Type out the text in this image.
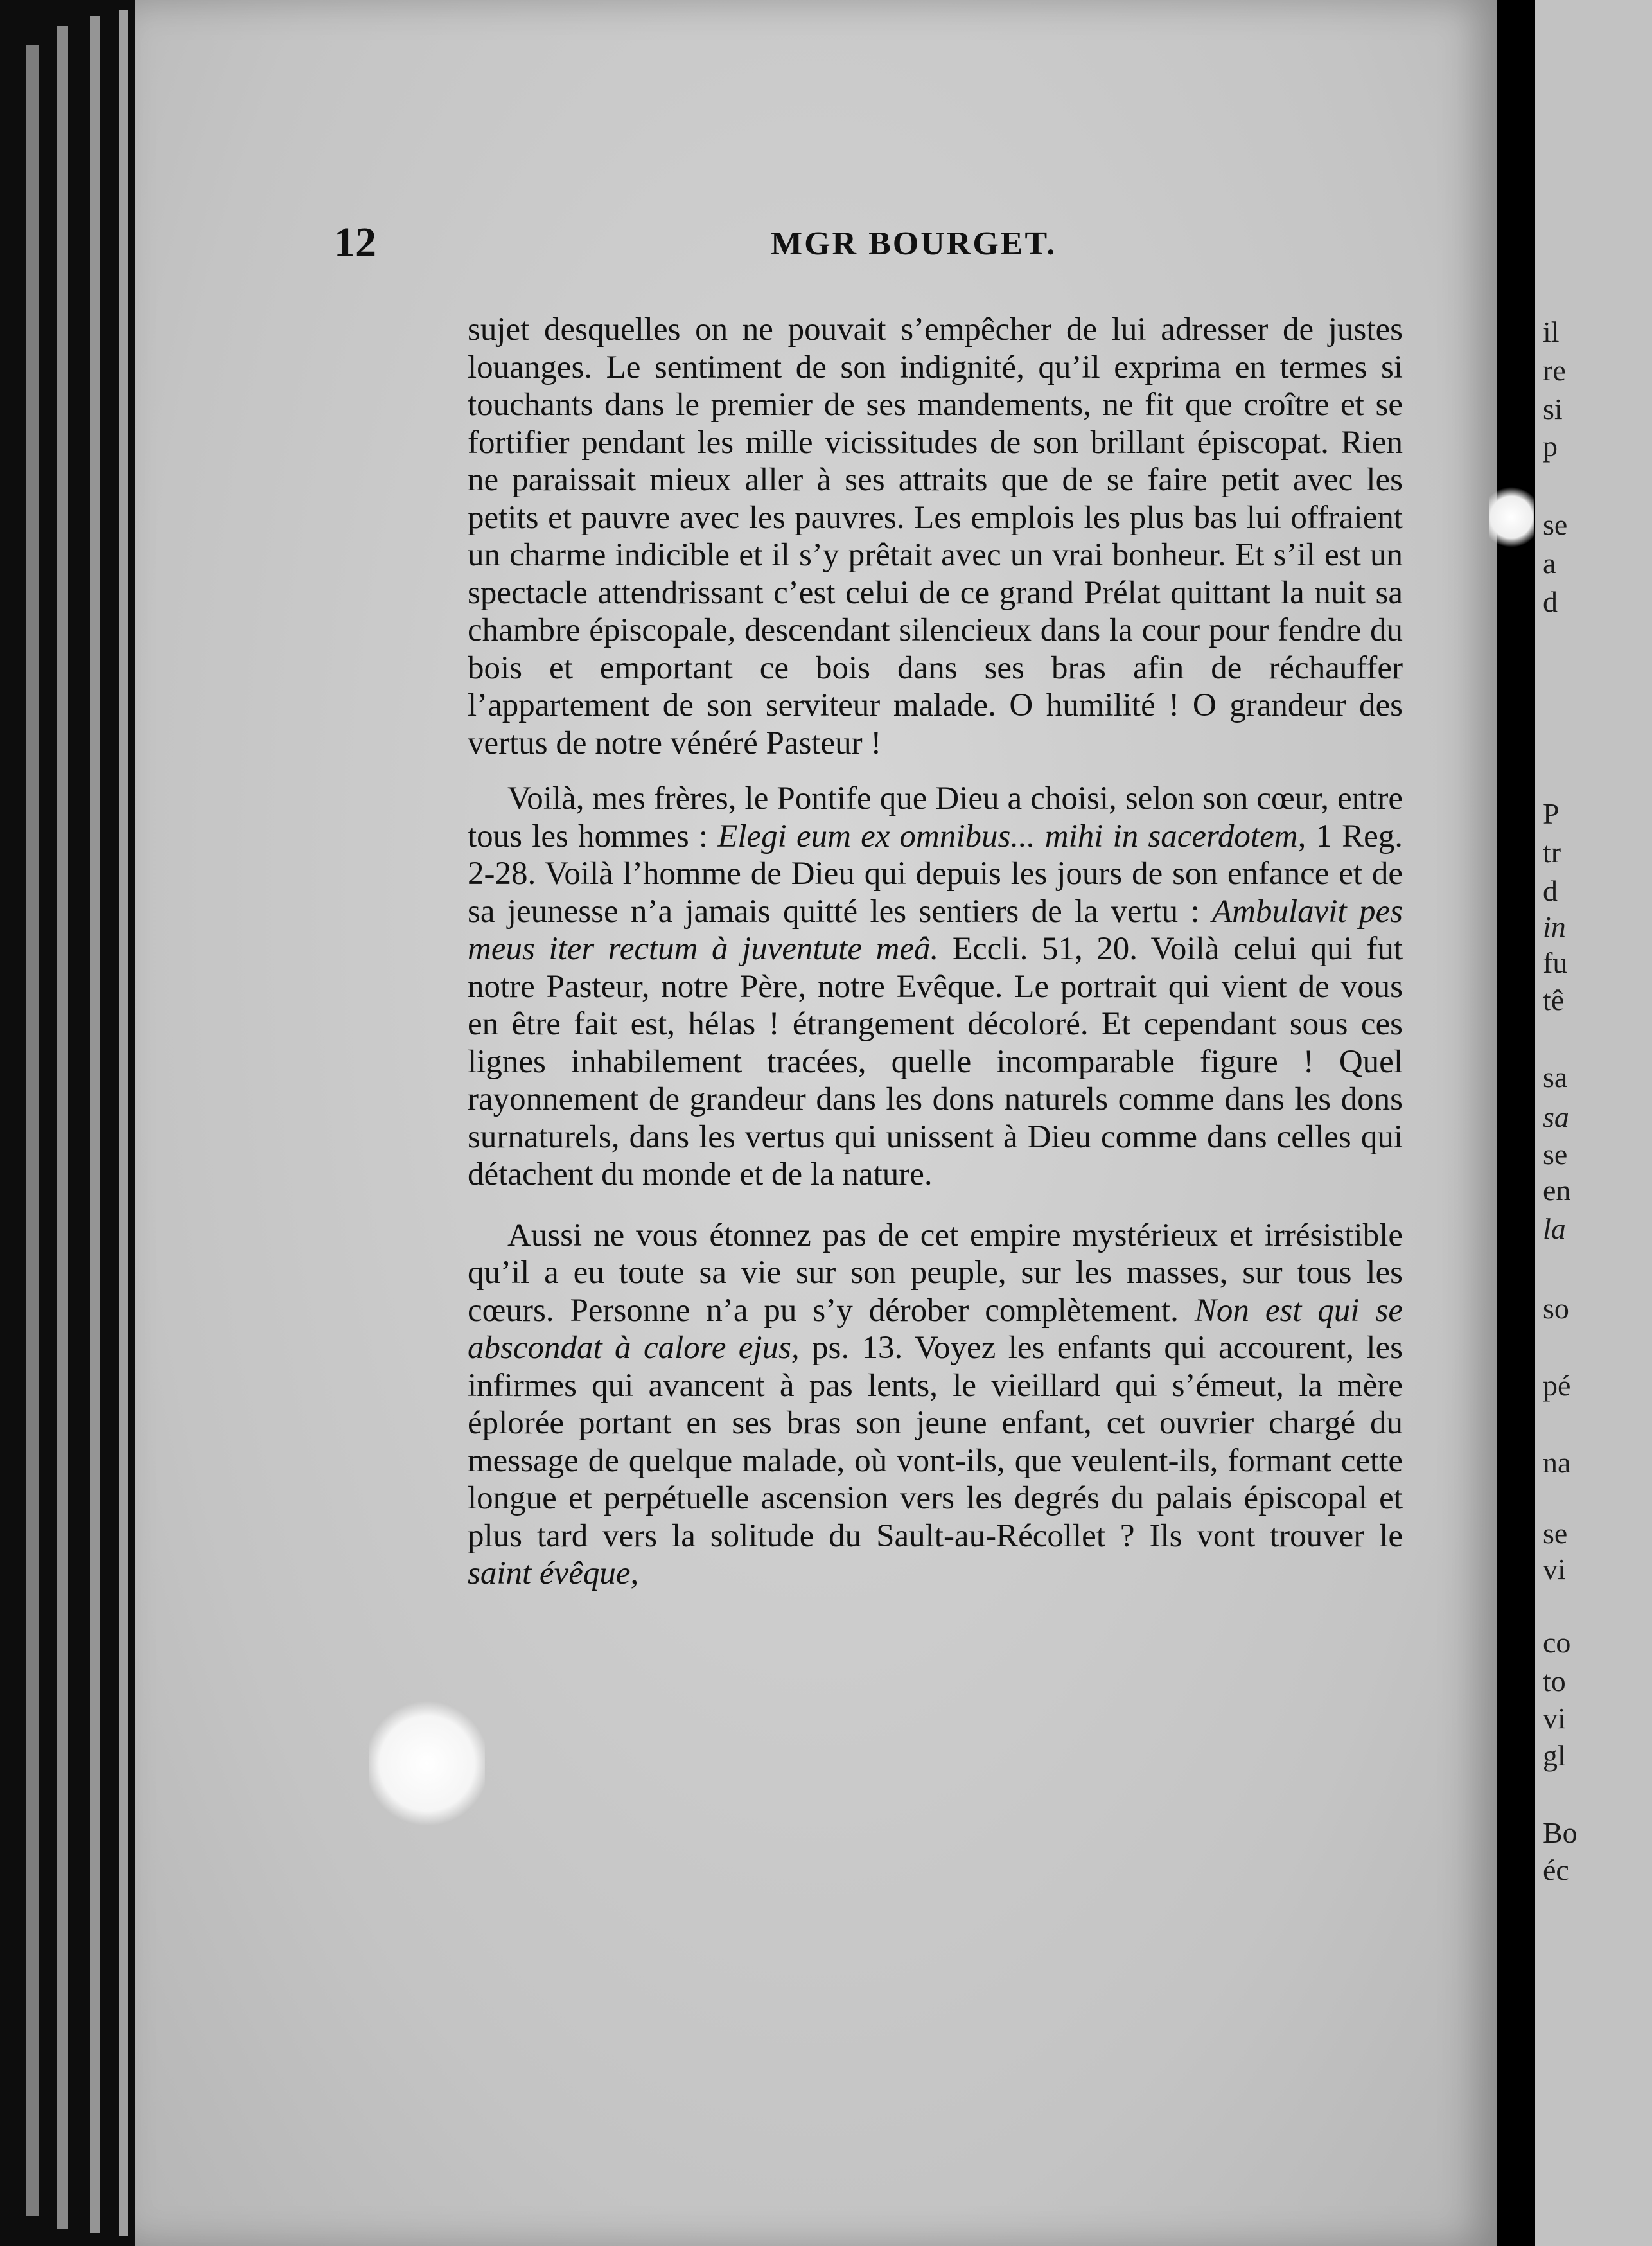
il
re
si
p
se
a
d
P
tr
d
in
fu
tê
sa
sa
se
en
la
so
pé
na
se
vi
co
to
vi
gl
Bo
éc
12	MGR BOURGET.

sujet desquelles on ne pouvait s’empêcher de lui adresser de justes louanges. Le sentiment de son indignité, qu’il exprima en termes si touchants dans le premier de ses mandements, ne fit que croître et se fortifier pendant les mille vicissitudes de son brillant épiscopat. Rien ne paraissait mieux aller à ses attraits que de se faire petit avec les petits et pauvre avec les pauvres. Les emplois les plus bas lui offraient un charme indicible et il s’y prêtait avec un vrai bonheur. Et s’il est un spectacle attendrissant c’est celui de ce grand Prélat quittant la nuit sa chambre épiscopale, descendant silencieux dans la cour pour fendre du bois et emportant ce bois dans ses bras afin de réchauffer l’appartement de son serviteur malade. O humilité ! O grandeur des vertus de notre vénéré Pasteur !

Voilà, mes frères, le Pontife que Dieu a choisi, selon son cœur, entre tous les hommes : Elegi eum ex omnibus... mihi in sacerdotem, 1 Reg. 2-28. Voilà l’homme de Dieu qui depuis les jours de son enfance et de sa jeunesse n’a jamais quitté les sentiers de la vertu : Ambulavit pes meus iter rectum à juventute meâ. Eccli. 51, 20. Voilà celui qui fut notre Pasteur, notre Père, notre Evêque. Le portrait qui vient de vous en être fait est, hélas ! étrangement décoloré. Et cependant sous ces lignes inhabilement tracées, quelle incomparable figure ! Quel rayonnement de grandeur dans les dons naturels comme dans les dons surnaturels, dans les vertus qui unissent à Dieu comme dans celles qui détachent du monde et de la nature.

Aussi ne vous étonnez pas de cet empire mystérieux et irrésistible qu’il a eu toute sa vie sur son peuple, sur les masses, sur tous les cœurs. Personne n’a pu s’y dérober complètement. Non est qui se abscondat à calore ejus, ps. 13. Voyez les enfants qui accourent, les infirmes qui avancent à pas lents, le vieillard qui s’émeut, la mère éplorée portant en ses bras son jeune enfant, cet ouvrier chargé du message de quelque malade, où vont-ils, que veulent-ils, formant cette longue et perpétuelle ascension vers les degrés du palais épiscopal et plus tard vers la solitude du Sault-au-Récollet ? Ils vont trouver le saint évêque,
